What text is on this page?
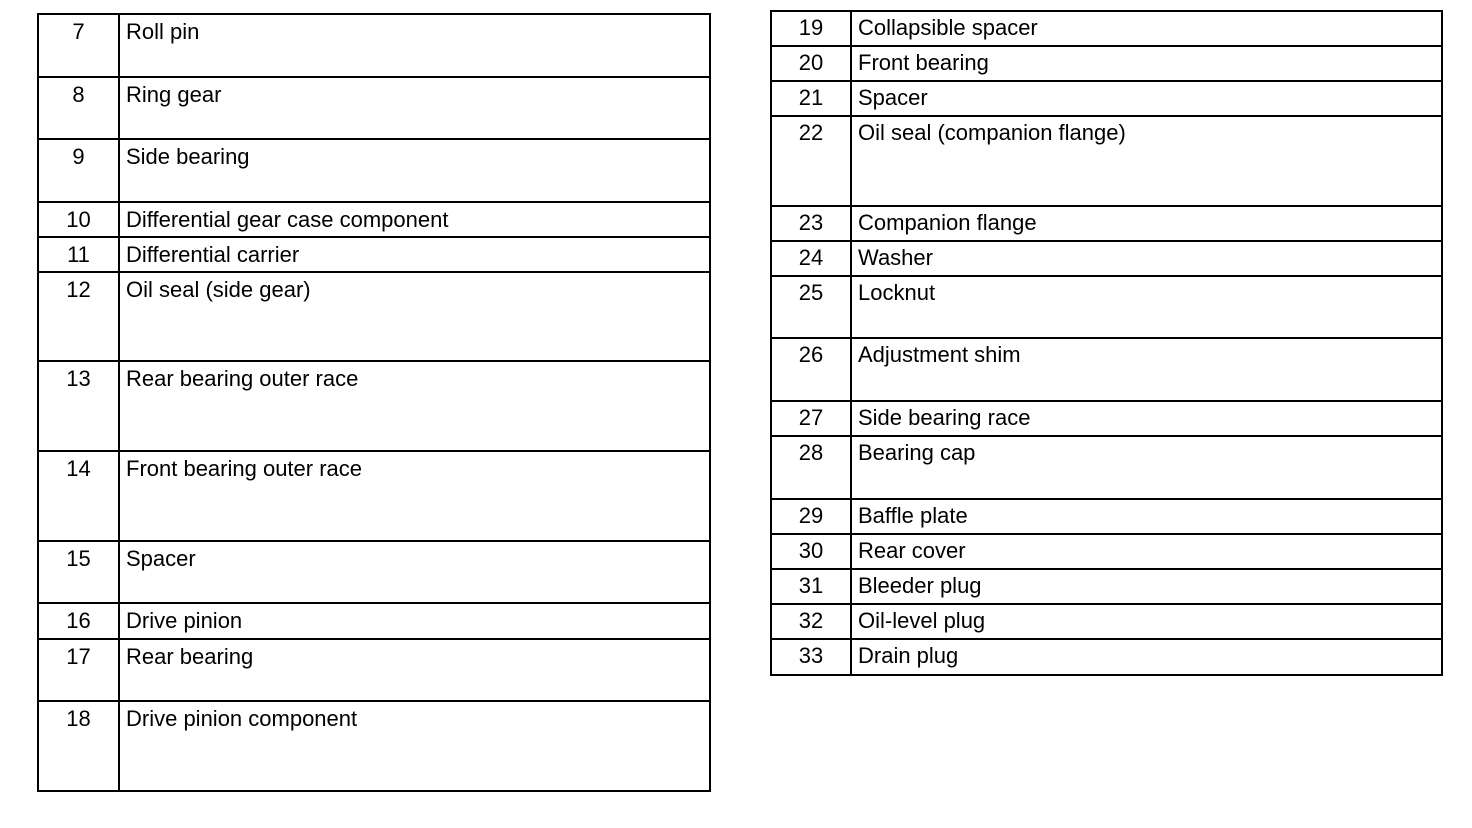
7	Roll pin
8	Ring gear
9	Side bearing
10	Differential gear case component
11	Differential carrier
12	Oil seal (side gear)
13	Rear bearing outer race
14	Front bearing outer race
15	Spacer
16	Drive pinion
17	Rear bearing
18	Drive pinion component
19	Collapsible spacer
20	Front bearing
21	Spacer
22	Oil seal (companion flange)
23	Companion flange
24	Washer
25	Locknut
26	Adjustment shim
27	Side bearing race
28	Bearing cap
29	Baffle plate
30	Rear cover
31	Bleeder plug
32	Oil-level plug
33	Drain plug
